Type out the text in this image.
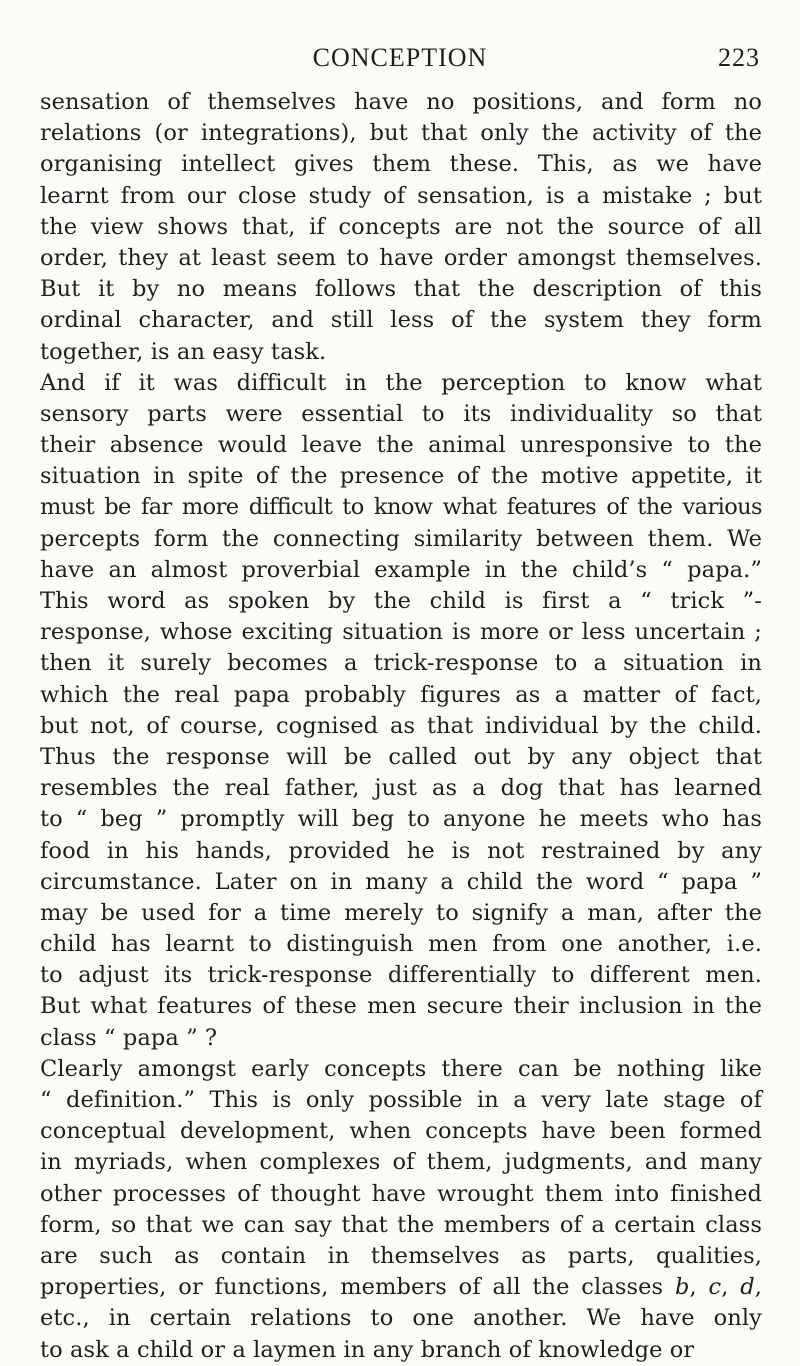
CONCEPTION	223
sensation of themselves have no positions, and form no
relations (or integrations), but that only the activity of the
organising intellect gives them these. This, as we have
learnt from our close study of sensation, is a mistake ; but
the view shows that, if concepts are not the source of all
order, they at least seem to have order amongst themselves.
But it by no means follows that the description of this
ordinal character, and still less of the system they form
together, is an easy task.
And if it was difficult in the perception to know what
sensory parts were essential to its individuality so that
their absence would leave the animal unresponsive to the
situation in spite of the presence of the motive appetite, it
must be far more difficult to know what features of the various
percepts form the connecting similarity between them. We
have an almost proverbial example in the child’s “ papa.”
This word as spoken by the child is first a “ trick ”-
response, whose exciting situation is more or less uncertain ;
then it surely becomes a trick-response to a situation in
which the real papa probably figures as a matter of fact,
but not, of course, cognised as that individual by the child.
Thus the response will be called out by any object that
resembles the real father, just as a dog that has learned
to “ beg ” promptly will beg to anyone he meets who has
food in his hands, provided he is not restrained by any
circumstance. Later on in many a child the word “ papa ”
may be used for a time merely to signify a man, after the
child has learnt to distinguish men from one another, i.e.
to adjust its trick-response differentially to different men.
But what features of these men secure their inclusion in the
class “ papa ” ?
Clearly amongst early concepts there can be nothing like
“ definition.” This is only possible in a very late stage of
conceptual development, when concepts have been formed
in myriads, when complexes of them, judgments, and many
other processes of thought have wrought them into finished
form, so that we can say that the members of a certain class
are such as contain in themselves as parts, qualities,
properties, or functions, members of all the classes b, c, d,
etc., in certain relations to one another. We have only
to ask a child or a laymen in any branch of knowledge or
